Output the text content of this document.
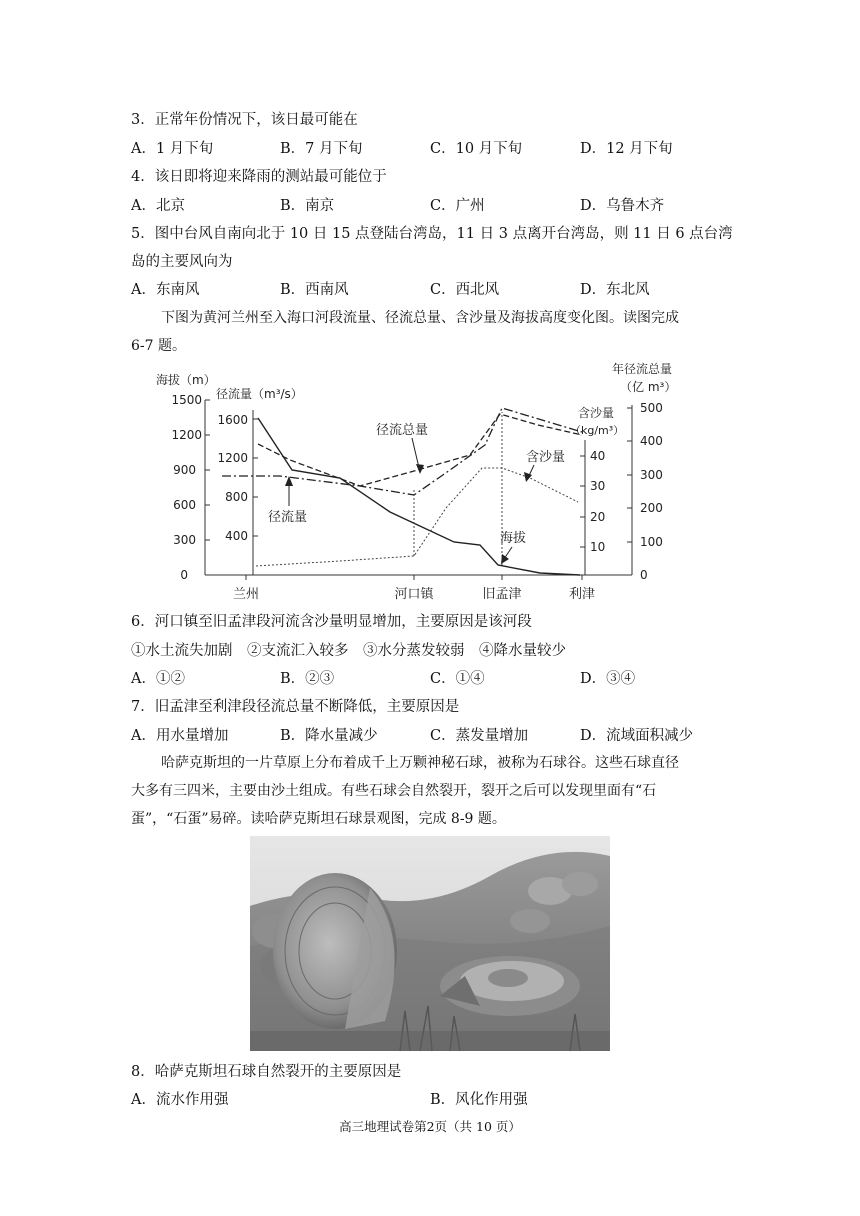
3．正常年份情况下，该日最可能在
A．1 月下旬	B．7 月下旬	C．10 月下旬	D．12 月下旬
4．该日即将迎来降雨的测站最可能位于
A．北京	B．南京	C．广州	D．乌鲁木齐
5．图中台风自南向北于 10 日 15 点登陆台湾岛，11 日 3 点离开台湾岛，则 11 日 6 点台湾
岛的主要风向为
A．东南风	B．西南风	C．西北风	D．东北风
下图为黄河兰州至入海口河段流量、径流总量、含沙量及海拔高度变化图。读图完成
6-7 题。
海拔（m）
径流量（m³/s）
年径流总量
（亿 m³）
含沙量
（kg/m³）
0
300
600
900
1200
1500
400
800
1200
1600
10
20
30
40
0
100
200
300
400
500
径流总量
含沙量
径流量
海拔
兰州	河口镇	旧孟津	利津
6．河口镇至旧孟津段河流含沙量明显增加，主要原因是该河段
①水土流失加剧　②支流汇入较多　③水分蒸发较弱　④降水量较少
A．①②	B．②③	C．①④	D．③④
7．旧孟津至利津段径流总量不断降低，主要原因是
A．用水量增加	B．降水量减少	C．蒸发量增加	D．流域面积减少
哈萨克斯坦的一片草原上分布着成千上万颗神秘石球，被称为石球谷。这些石球直径
大多有三四米，主要由沙土组成。有些石球会自然裂开，裂开之后可以发现里面有“石
蛋”，“石蛋”易碎。读哈萨克斯坦石球景观图，完成 8-9 题。
8．哈萨克斯坦石球自然裂开的主要原因是
A．流水作用强	B．风化作用强
高三地理试卷第2页（共 10 页）
